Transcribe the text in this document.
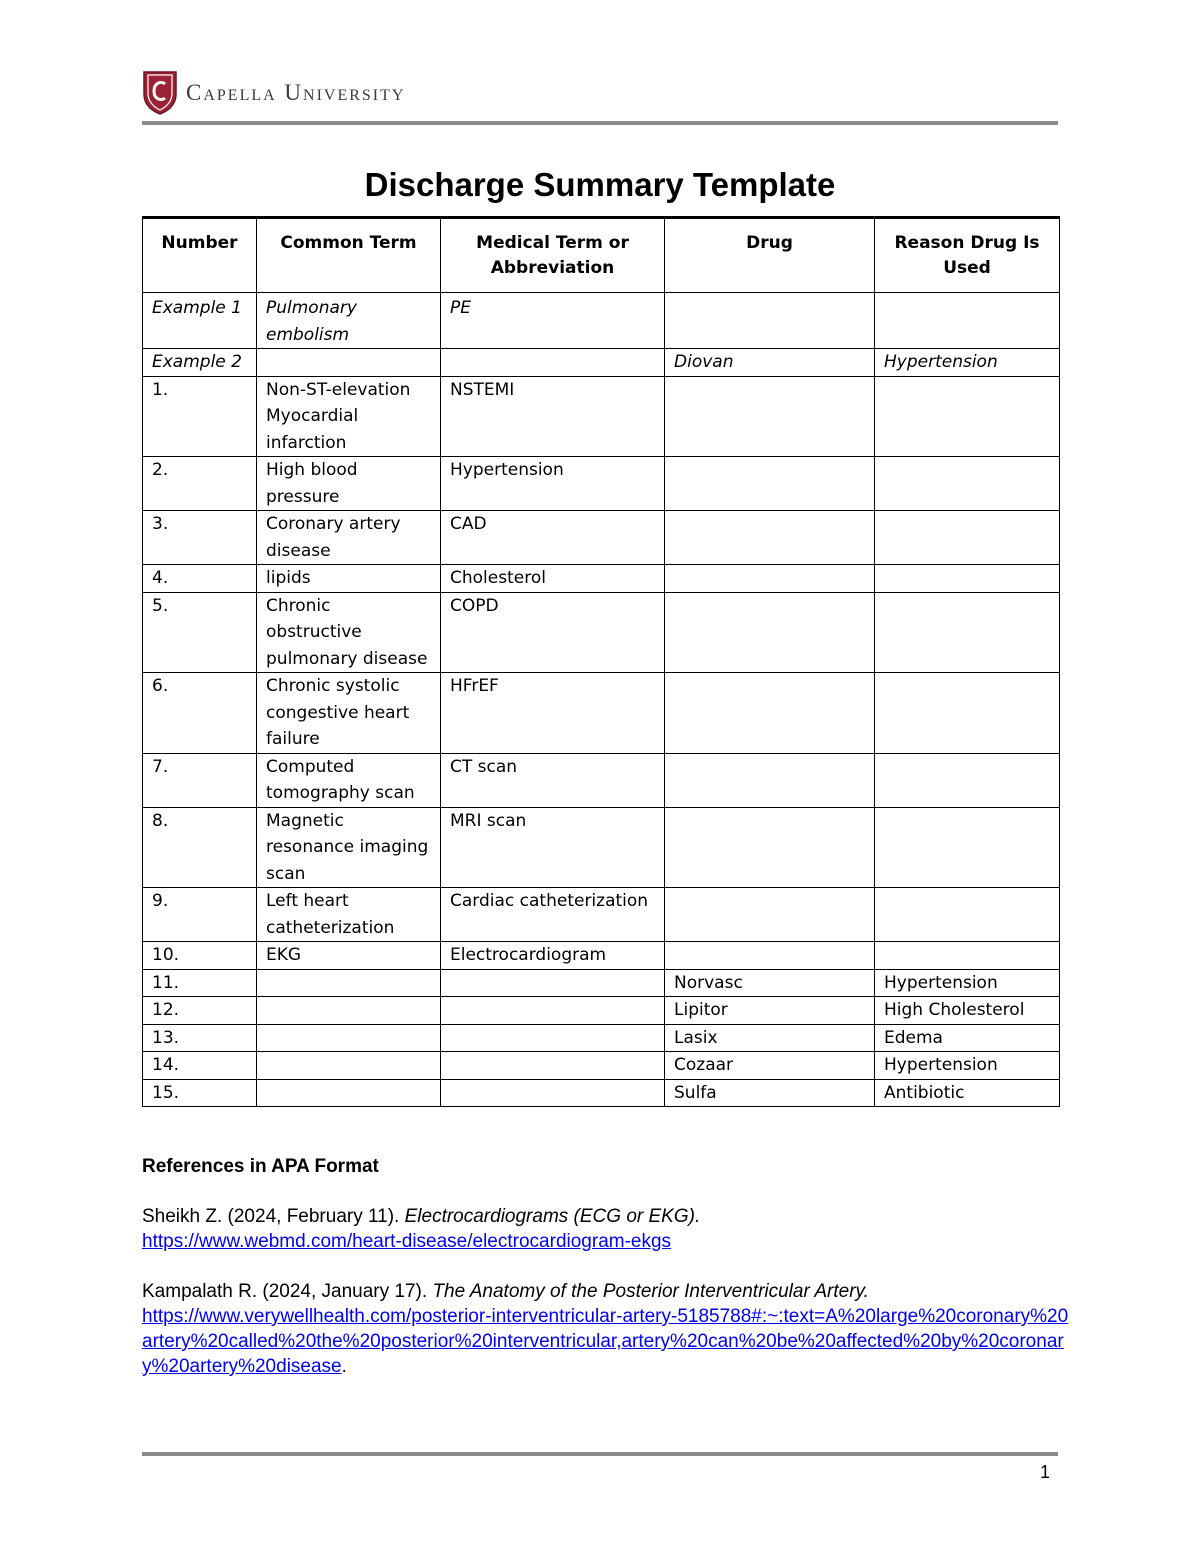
Capella University
Discharge Summary Template
Number	Common Term	Medical Term or Abbreviation	Drug	Reason Drug Is Used
Example 1	Pulmonary embolism	PE		
Example 2			Diovan	Hypertension
1.	Non-ST-elevation Myocardial infarction	NSTEMI		
2.	High blood pressure	Hypertension		
3.	Coronary artery disease	CAD		
4.	lipids	Cholesterol		
5.	Chronic obstructive pulmonary disease	COPD		
6.	Chronic systolic congestive heart failure	HFrEF		
7.	Computed tomography scan	CT scan		
8.	Magnetic resonance imaging scan	MRI scan		
9.	Left heart catheterization	Cardiac catheterization		
10.	EKG	Electrocardiogram		
11.			Norvasc	Hypertension
12.			Lipitor	High Cholesterol
13.			Lasix	Edema
14.			Cozaar	Hypertension
15.			Sulfa	Antibiotic
References in APA Format

Sheikh Z. (2024, February 11). Electrocardiograms (ECG or EKG).
https://www.webmd.com/heart-disease/electrocardiogram-ekgs

Kampalath R. (2024, January 17). The Anatomy of the Posterior Interventricular Artery.
https://www.verywellhealth.com/posterior-interventricular-artery-5185788#:~:text=A%20large%20coronary%20artery%20called%20the%20posterior%20interventricular,artery%20can%20be%20affected%20by%20coronary%20artery%20disease.

1
